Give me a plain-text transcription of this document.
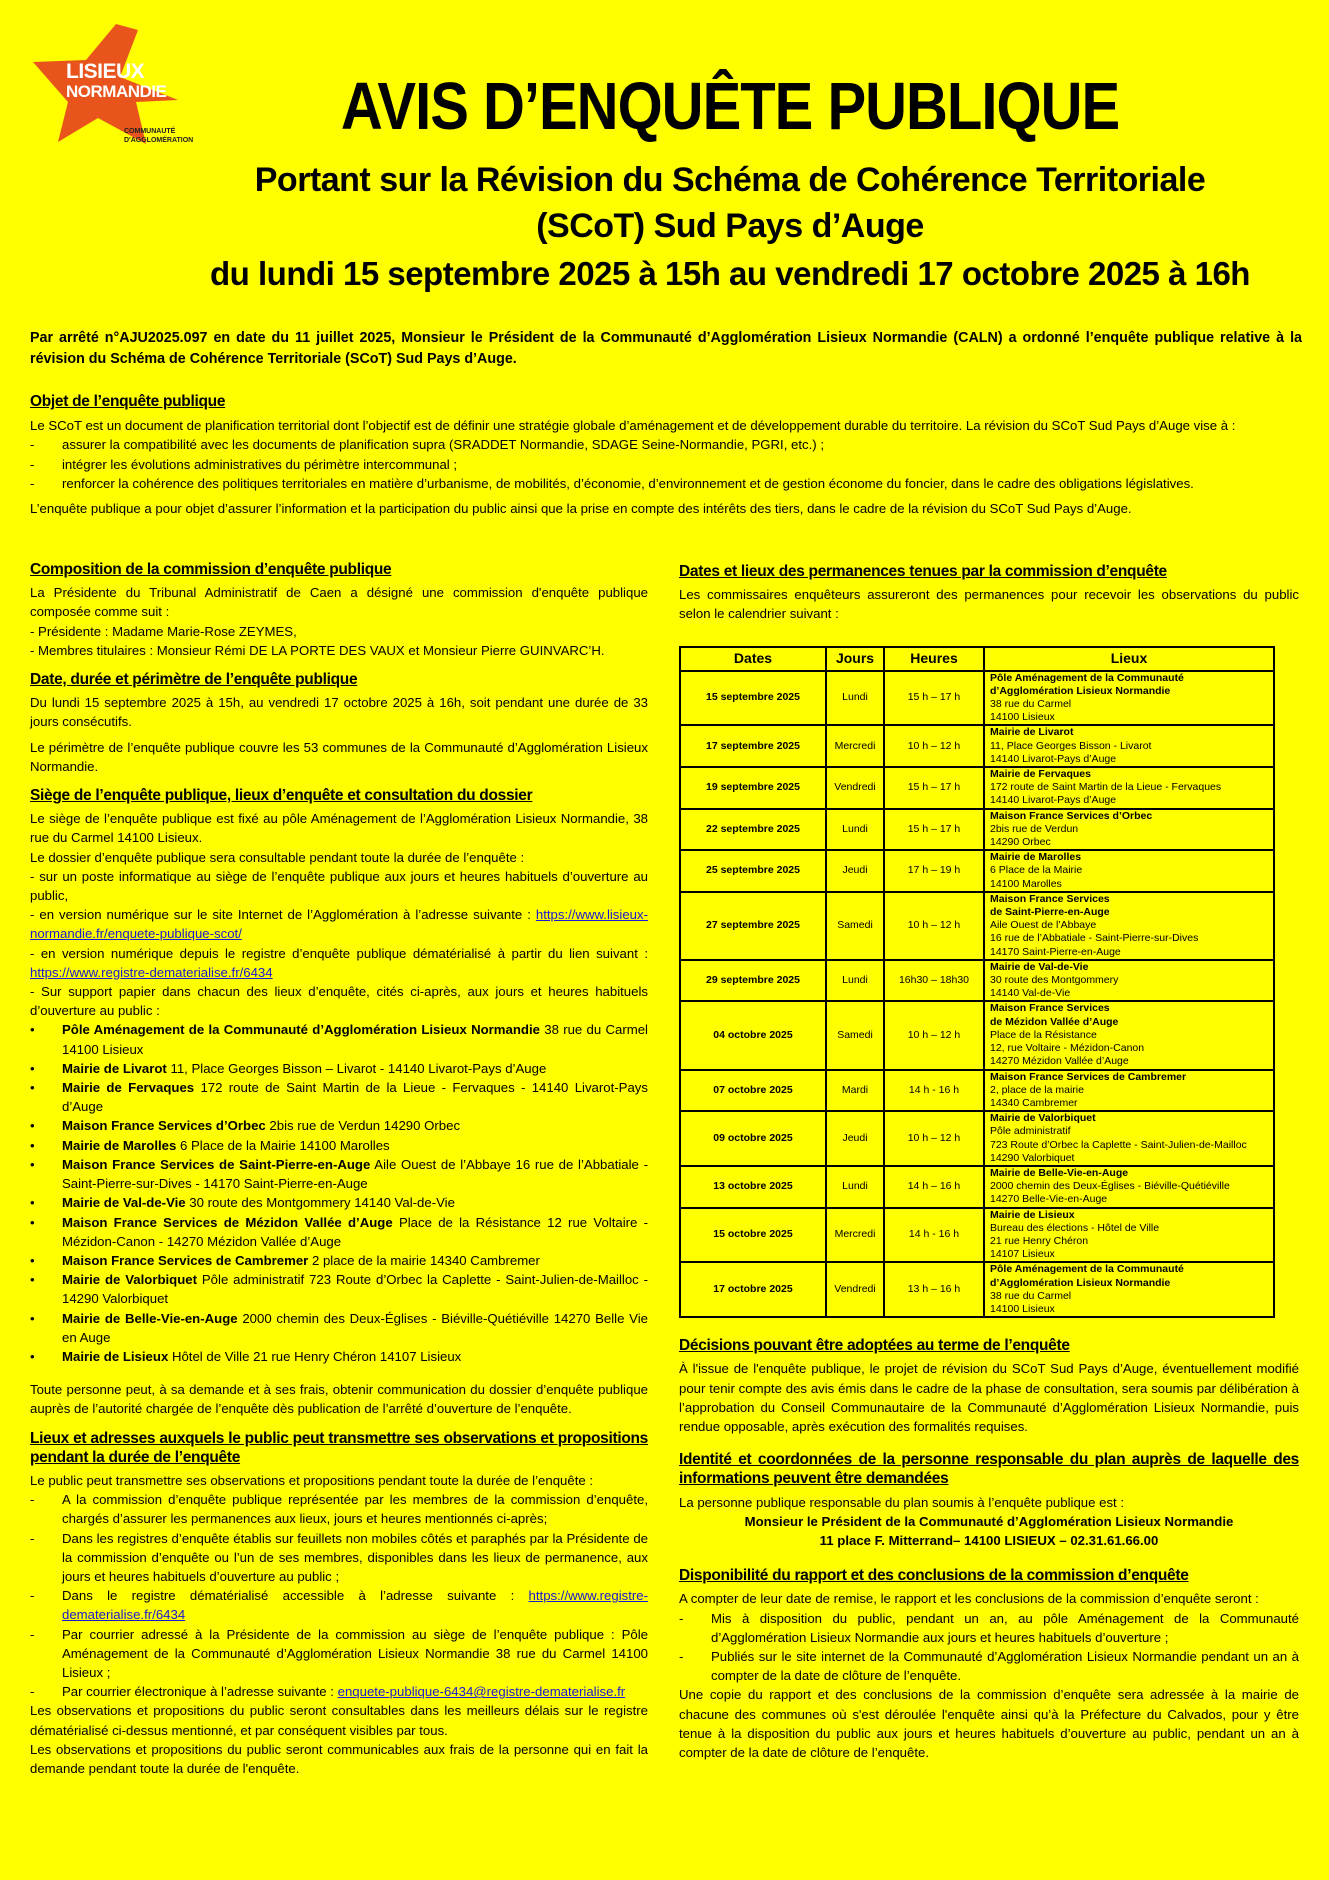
LISIEUX
NORMANDIE
COMMUNAUTÉ
D'AGGLOMÉRATION	AVIS D’ENQUÊTE PUBLIQUE
Portant sur la Révision du Schéma de Cohérence Territoriale
(SCoT) Sud Pays d’Auge
du lundi 15 septembre 2025 à 15h au vendredi 17 octobre 2025 à 16h
Par arrêté n°AJU2025.097 en date du 11 juillet 2025, Monsieur le Président de la Communauté d’Agglomération Lisieux Normandie (CALN) a ordonné l’enquête publique relative à la révision du Schéma de Cohérence Territoriale (SCoT) Sud Pays d’Auge.
Objet de l’enquête publique
Le SCoT est un document de planification territorial dont l’objectif est de définir une stratégie globale d’aménagement et de développement durable du territoire. La révision du SCoT Sud Pays d’Auge vise à :
-	assurer la compatibilité avec les documents de planification supra (SRADDET Normandie, SDAGE Seine-Normandie, PGRI, etc.) ;
-	intégrer les évolutions administratives du périmètre intercommunal ;
-	renforcer la cohérence des politiques territoriales en matière d’urbanisme, de mobilités, d’économie, d’environnement et de gestion économe du foncier, dans le cadre des obligations législatives.
L’enquête publique a pour objet d’assurer l’information et la participation du public ainsi que la prise en compte des intérêts des tiers, dans le cadre de la révision du SCoT Sud Pays d’Auge.
Composition de la commission d’enquête publique
La Présidente du Tribunal Administratif de Caen a désigné une commission d'enquête publique composée comme suit :
- Présidente : Madame Marie-Rose ZEYMES,

- Membres titulaires : Monsieur Rémi DE LA PORTE DES VAUX et Monsieur Pierre GUINVARC’H.

Date, durée et périmètre de l’enquête publique

Du lundi 15 septembre 2025 à 15h, au vendredi 17 octobre 2025 à 16h, soit pendant une durée de 33 jours consécutifs.

Le périmètre de l’enquête publique couvre les 53 communes de la Communauté d’Agglomération Lisieux Normandie.

Siège de l’enquête publique, lieux d’enquête et consultation du dossier
Le siège de l’enquête publique est fixé au pôle Aménagement de l’Agglomération Lisieux Normandie, 38 rue du Carmel 14100 Lisieux.
Le dossier d’enquête publique sera consultable pendant toute la durée de l’enquête :
- sur un poste informatique au siège de l’enquête publique aux jours et heures habituels d’ouverture au public,
- en version numérique sur le site Internet de l’Agglomération à l’adresse suivante : https://www.lisieux-normandie.fr/enquete-publique-scot/
- en version numérique depuis le registre d’enquête publique dématérialisé à partir du lien suivant : https://www.registre-dematerialise.fr/6434
- Sur support papier dans chacun des lieux d’enquête, cités ci-après, aux jours et heures habituels d’ouverture au public :
•	Pôle Aménagement de la Communauté d’Agglomération Lisieux Normandie 38 rue du Carmel 14100 Lisieux
•	Mairie de Livarot 11, Place Georges Bisson – Livarot - 14140 Livarot-Pays d’Auge
•	Mairie de Fervaques 172 route de Saint Martin de la Lieue - Fervaques - 14140 Livarot-Pays d’Auge
•	Maison France Services d’Orbec 2bis rue de Verdun 14290 Orbec
•	Mairie de Marolles 6 Place de la Mairie 14100 Marolles
•	Maison France Services de Saint-Pierre-en-Auge Aile Ouest de l’Abbaye 16 rue de l’Abbatiale - Saint-Pierre-sur-Dives - 14170 Saint-Pierre-en-Auge
•	Mairie de Val-de-Vie 30 route des Montgommery 14140 Val-de-Vie
•	Maison France Services de Mézidon Vallée d’Auge Place de la Résistance 12 rue Voltaire - Mézidon-Canon - 14270 Mézidon Vallée d’Auge
•	Maison France Services de Cambremer 2 place de la mairie 14340 Cambremer
•	Mairie de Valorbiquet Pôle administratif 723 Route d’Orbec la Caplette - Saint-Julien-de-Mailloc - 14290 Valorbiquet
•	Mairie de Belle-Vie-en-Auge 2000 chemin des Deux-Églises - Biéville-Quétiéville 14270 Belle Vie en Auge
•	Mairie de Lisieux Hôtel de Ville 21 rue Henry Chéron 14107 Lisieux

Toute personne peut, à sa demande et à ses frais, obtenir communication du dossier d’enquête publique auprès de l’autorité chargée de l’enquête dès publication de l’arrêté d’ouverture de l’enquête.

Lieux et adresses auxquels le public peut transmettre ses observations et propositions pendant la durée de l’enquête
Le public peut transmettre ses observations et propositions pendant toute la durée de l’enquête :
-	A la commission d’enquête publique représentée par les membres de la commission d’enquête, chargés d’assurer les permanences aux lieux, jours et heures mentionnés ci-après;
-	Dans les registres d’enquête établis sur feuillets non mobiles côtés et paraphés par la Présidente de la commission d’enquête ou l’un de ses membres, disponibles dans les lieux de permanence, aux jours et heures habituels d’ouverture au public ;
-	Dans le registre dématérialisé accessible à l’adresse suivante : https://www.registre-dematerialise.fr/6434
-	Par courrier adressé à la Présidente de la commission au siège de l’enquête publique : Pôle Aménagement de la Communauté d’Agglomération Lisieux Normandie 38 rue du Carmel 14100 Lisieux ;
-	Par courrier électronique à l’adresse suivante : enquete-publique-6434@registre-dematerialise.fr
Les observations et propositions du public seront consultables dans les meilleurs délais sur le registre dématérialisé ci-dessus mentionné, et par conséquent visibles par tous.
Les observations et propositions du public seront communicables aux frais de la personne qui en fait la demande pendant toute la durée de l'enquête.
Dates et lieux des permanences tenues par la commission d’enquête
Les commissaires enquêteurs assureront des permanences pour recevoir les observations du public selon le calendrier suivant :
Dates	Jours	Heures	Lieux
15 septembre 2025	Lundi	15 h – 17 h	Pôle Aménagement de la Communauté
d’Agglomération Lisieux Normandie
38 rue du Carmel
14100 Lisieux

17 septembre 2025	Mercredi	10 h – 12 h	Mairie de Livarot
11, Place Georges Bisson - Livarot
14140 Livarot-Pays d’Auge

19 septembre 2025	Vendredi	15 h – 17 h	Mairie de Fervaques
172 route de Saint Martin de la Lieue - Fervaques
14140 Livarot-Pays d’Auge

22 septembre 2025	Lundi	15 h – 17 h	Maison France Services d’Orbec
2bis rue de Verdun
14290 Orbec

25 septembre 2025	Jeudi	17 h – 19 h	Mairie de Marolles
6 Place de la Mairie
14100 Marolles

27 septembre 2025	Samedi	10 h – 12 h	Maison France Services
de Saint-Pierre-en-Auge
Aile Ouest de l’Abbaye
16 rue de l’Abbatiale - Saint-Pierre-sur-Dives
14170 Saint-Pierre-en-Auge

29 septembre 2025	Lundi	16h30 – 18h30	Mairie de Val-de-Vie
30 route des Montgommery
14140 Val-de-Vie

04 octobre 2025	Samedi	10 h – 12 h	Maison France Services
de Mézidon Vallée d’Auge
Place de la Résistance
12, rue Voltaire - Mézidon-Canon
14270 Mézidon Vallée d’Auge

07 octobre 2025	Mardi	14 h - 16 h	Maison France Services de Cambremer
2, place de la mairie
14340 Cambremer

09 octobre 2025	Jeudi	10 h – 12 h	Mairie de Valorbiquet
Pôle administratif
723 Route d’Orbec la Caplette - Saint-Julien-de-Mailloc
14290 Valorbiquet

13 octobre 2025	Lundi	14 h – 16 h	Mairie de Belle-Vie-en-Auge
2000 chemin des Deux-Églises - Biéville-Quétiéville
14270 Belle-Vie-en-Auge

15 octobre 2025	Mercredi	14 h - 16 h	Mairie de Lisieux
Bureau des élections - Hôtel de Ville
21 rue Henry Chéron
14107 Lisieux

17 octobre 2025	Vendredi	13 h – 16 h	Pôle Aménagement de la Communauté
d’Agglomération Lisieux Normandie
38 rue du Carmel
14100 Lisieux
Décisions pouvant être adoptées au terme de l’enquête

À l'issue de l'enquête publique, le projet de révision du SCoT Sud Pays d’Auge, éventuellement modifié pour tenir compte des avis émis dans le cadre de la phase de consultation, sera soumis par délibération à l’approbation du Conseil Communautaire de la Communauté d’Agglomération Lisieux Normandie, puis rendue opposable, après exécution des formalités requises.

Identité et coordonnées de la personne responsable du plan auprès de laquelle des informations peuvent être demandées
La personne publique responsable du plan soumis à l’enquête publique est :
Monsieur le Président de la Communauté d’Agglomération Lisieux Normandie
11 place F. Mitterrand– 14100 LISIEUX – 02.31.61.66.00
Disponibilité du rapport et des conclusions de la commission d’enquête
A compter de leur date de remise, le rapport et les conclusions de la commission d’enquête seront :
-	Mis à disposition du public, pendant un an, au pôle Aménagement de la Communauté d’Agglomération Lisieux Normandie aux jours et heures habituels d’ouverture ;
-	Publiés sur le site internet de la Communauté d’Agglomération Lisieux Normandie pendant un an à compter de la date de clôture de l’enquête.
Une copie du rapport et des conclusions de la commission d’enquête sera adressée à la mairie de chacune des communes où s'est déroulée l'enquête ainsi qu’à la Préfecture du Calvados, pour y être tenue à la disposition du public aux jours et heures habituels d’ouverture au public, pendant un an à compter de la date de clôture de l’enquête.
